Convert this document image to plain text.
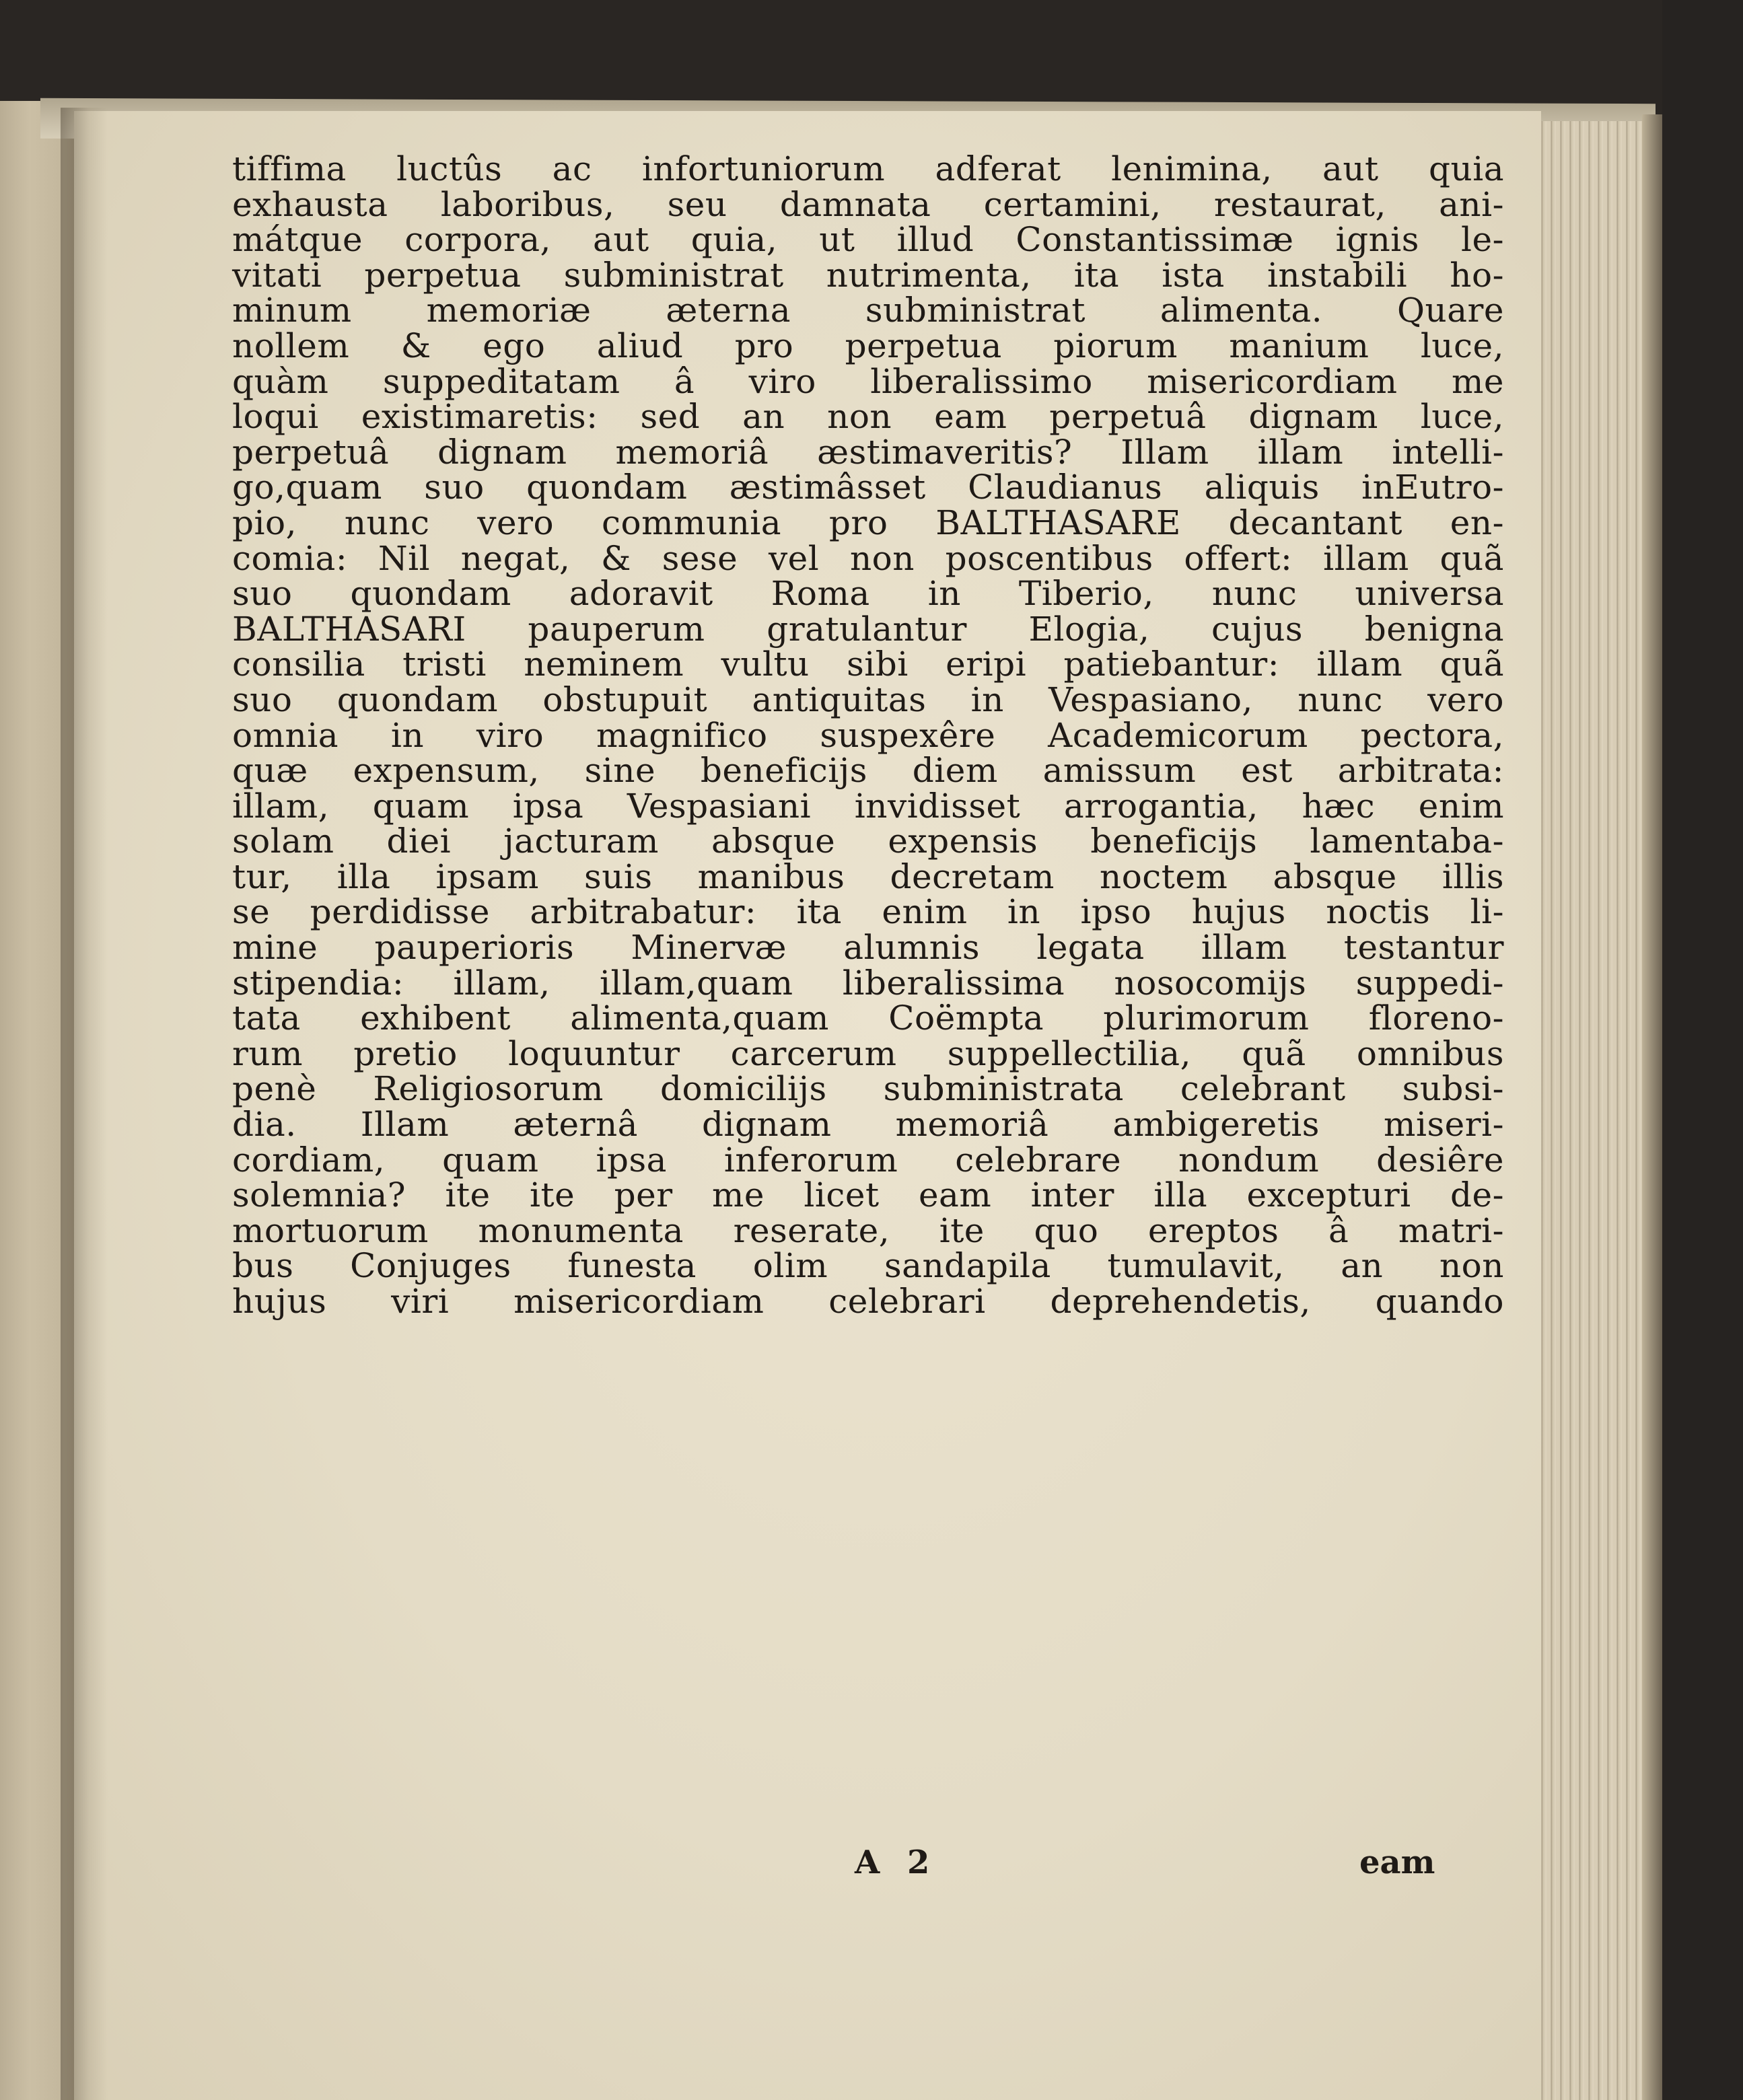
tiffima luctûs ac infortuniorum adferat lenimina, aut quia
exhausta laboribus, seu damnata certamini, restaurat, ani-
mátque corpora, aut quia, ut illud Constantissimæ ignis le-
vitati perpetua subministrat nutrimenta, ita ista instabili ho-
minum memoriæ æterna subministrat alimenta. Quare
nollem & ego aliud pro perpetua piorum manium luce,
quàm suppeditatam â viro liberalissimo misericordiam me
loqui existimaretis: sed an non eam perpetuâ dignam luce,
perpetuâ dignam memoriâ æstimaveritis? Illam illam intelli-
go,quam suo quondam æstimâsset Claudianus aliquis inEutro-
pio, nunc vero communia pro BALTHASARE decantant en-
comia: Nil negat, & sese vel non poscentibus offert: illam quã
suo quondam adoravit Roma in Tiberio, nunc universa
BALTHASARI pauperum gratulantur Elogia, cujus benigna
consilia tristi neminem vultu sibi eripi patiebantur: illam quã
suo quondam obstupuit antiquitas in Vespasiano, nunc vero
omnia in viro magnifico suspexêre Academicorum pectora,
quæ expensum, sine beneficijs diem amissum est arbitrata:
illam, quam ipsa Vespasiani invidisset arrogantia, hæc enim
solam diei jacturam absque expensis beneficijs lamentaba-
tur, illa ipsam suis manibus decretam noctem absque illis
se perdidisse arbitrabatur: ita enim in ipso hujus noctis li-
mine pauperioris Minervæ alumnis legata illam testantur
stipendia: illam, illam,quam liberalissima nosocomijs suppedi-
tata exhibent alimenta,quam Coëmpta plurimorum floreno-
rum pretio loquuntur carcerum suppellectilia, quã omnibus
penè Religiosorum domicilijs subministrata celebrant subsi-
dia. Illam æternâ dignam memoriâ ambigeretis miseri-
cordiam, quam ipsa inferorum celebrare nondum desiêre
solemnia? ite ite per me licet eam inter illa excepturi de-
mortuorum monumenta reserate, ite quo ereptos â matri-
bus Conjuges funesta olim sandapila tumulavit, an non
hujus viri misericordiam celebrari deprehendetis, quando
A 2	eam
